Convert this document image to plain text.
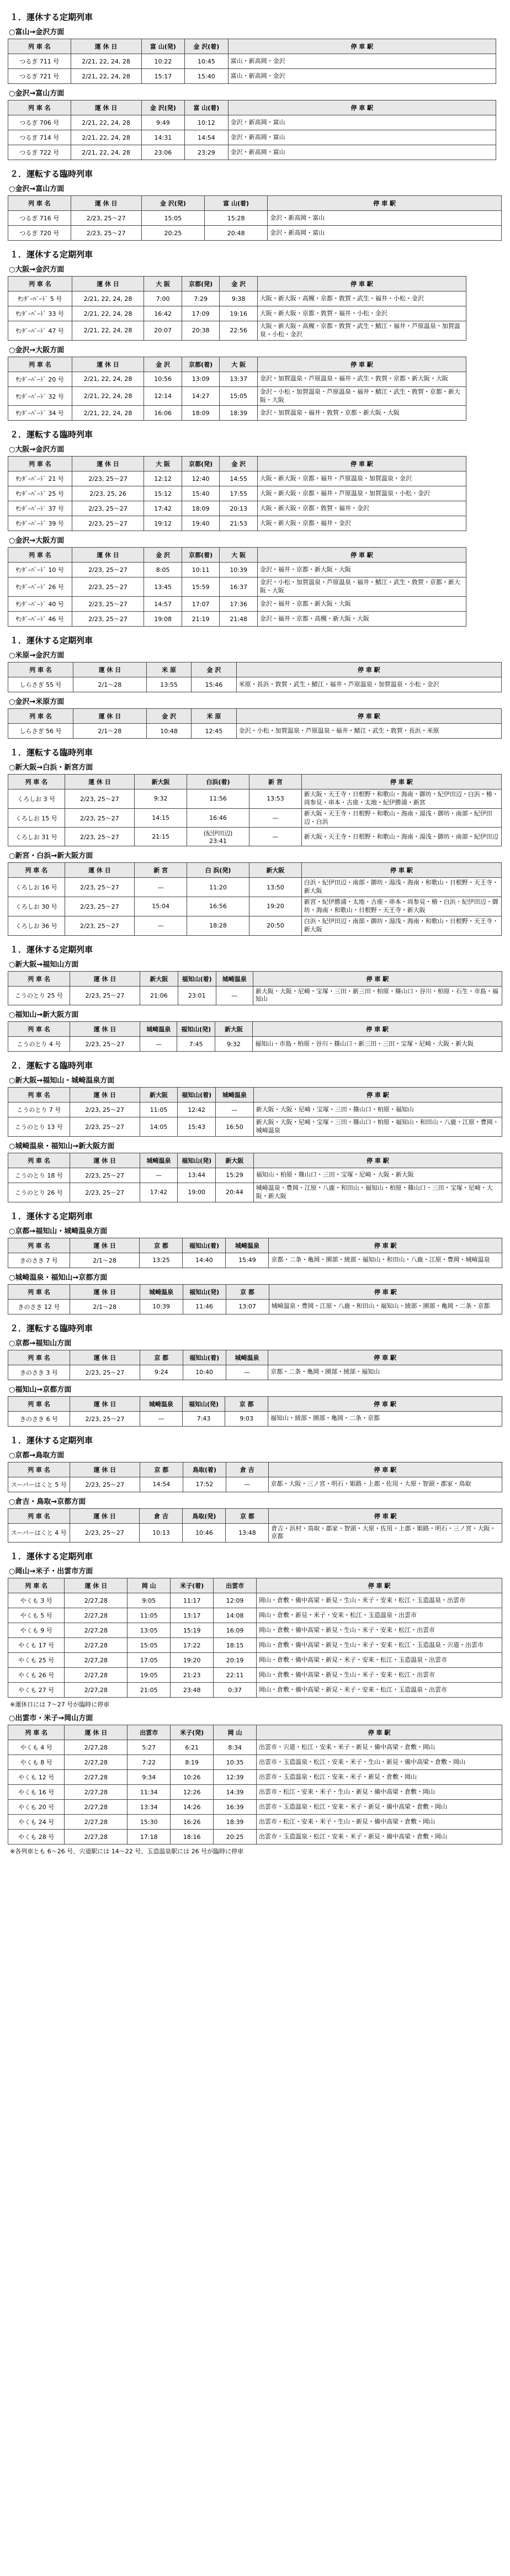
１．運休する定期列車
○富山→金沢方面
列 車 名	運 休 日	富 山(発)	金 沢(着)	停 車 駅
つるぎ 711 号	2/21, 22, 24, 28	10:22	10:45	富山・新高岡・金沢
つるぎ 721 号	2/21, 22, 24, 28	15:17	15:40	富山・新高岡・金沢
○金沢→富山方面
列 車 名	運 休 日	金 沢(発)	富 山(着)	停 車 駅
つるぎ 706 号	2/21, 22, 24, 28	9:49	10:12	金沢・新高岡・富山
つるぎ 714 号	2/21, 22, 24, 28	14:31	14:54	金沢・新高岡・富山
つるぎ 722 号	2/21, 22, 24, 28	23:06	23:29	金沢・新高岡・富山
２．運転する臨時列車
○金沢→富山方面
列 車 名	運 休 日	金 沢(発)	富 山(着)	停 車 駅
つるぎ 716 号	2/23, 25〜27	15:05	15:28	金沢・新高岡・富山
つるぎ 720 号	2/23, 25〜27	20:25	20:48	金沢・新高岡・富山
１．運休する定期列車
○大阪→金沢方面
列 車 名	運 休 日	大 阪	京都(発)	金 沢	停 車 駅
ｻﾝﾀﾞｰﾊﾞｰﾄﾞ 5 号	2/21, 22, 24, 28	7:00	7:29	9:38	大阪・新大阪・高槻・京都・敦賀・武生・福井・小松・金沢
ｻﾝﾀﾞｰﾊﾞｰﾄﾞ 33 号	2/21, 22, 24, 28	16:42	17:09	19:16	大阪・新大阪・京都・敦賀・福井・小松・金沢
ｻﾝﾀﾞｰﾊﾞｰﾄﾞ 47 号	2/21, 22, 24, 28	20:07	20:38	22:56	大阪・新大阪・高槻・京都・敦賀・武生・鯖江・福井・芦原温泉・加賀温泉・小松・金沢
○金沢→大阪方面
列 車 名	運 休 日	金 沢	京都(着)	大 阪	停 車 駅
ｻﾝﾀﾞｰﾊﾞｰﾄﾞ 20 号	2/21, 22, 24, 28	10:56	13:09	13:37	金沢・加賀温泉・芦原温泉・福井・武生・敦賀・京都・新大阪・大阪
ｻﾝﾀﾞｰﾊﾞｰﾄﾞ 32 号	2/21, 22, 24, 28	12:14	14:27	15:05	金沢・小松・加賀温泉・芦原温泉・福井・鯖江・武生・敦賀・京都・新大阪・大阪
ｻﾝﾀﾞｰﾊﾞｰﾄﾞ 34 号	2/21, 22, 24, 28	16:06	18:09	18:39	金沢・加賀温泉・福井・敦賀・京都・新大阪・大阪
２．運転する臨時列車
○大阪→金沢方面
列 車 名	運 休 日	大 阪	京都(発)	金 沢	停 車 駅
ｻﾝﾀﾞｰﾊﾞｰﾄﾞ 21 号	2/23, 25〜27	12:12	12:40	14:55	大阪・新大阪・京都・福井・芦原温泉・加賀温泉・金沢
ｻﾝﾀﾞｰﾊﾞｰﾄﾞ 25 号	2/23, 25, 26	15:12	15:40	17:55	大阪・新大阪・京都・福井・芦原温泉・加賀温泉・小松・金沢
ｻﾝﾀﾞｰﾊﾞｰﾄﾞ 37 号	2/23, 25〜27	17:42	18:09	20:13	大阪・新大阪・京都・敦賀・福井・金沢
ｻﾝﾀﾞｰﾊﾞｰﾄﾞ 39 号	2/23, 25〜27	19:12	19:40	21:53	大阪・新大阪・京都・福井・金沢
○金沢→大阪方面
列 車 名	運 休 日	金 沢	京都(着)	大 阪	停 車 駅
ｻﾝﾀﾞｰﾊﾞｰﾄﾞ 10 号	2/23, 25〜27	8:05	10:11	10:39	金沢・福井・京都・新大阪・大阪
ｻﾝﾀﾞｰﾊﾞｰﾄﾞ 26 号	2/23, 25〜27	13:45	15:59	16:37	金沢・小松・加賀温泉・芦原温泉・福井・鯖江・武生・敦賀・京都・新大阪・大阪
ｻﾝﾀﾞｰﾊﾞｰﾄﾞ 40 号	2/23, 25〜27	14:57	17:07	17:36	金沢・福井・京都・新大阪・大阪
ｻﾝﾀﾞｰﾊﾞｰﾄﾞ 46 号	2/23, 25〜27	19:08	21:19	21:48	金沢・福井・京都・高槻・新大阪・大阪
１．運休する定期列車
○米原→金沢方面
列 車 名	運 休 日	米 原	金 沢	停 車 駅
しらさぎ 55 号	2/1〜28	13:55	15:46	米原・長浜・敦賀・武生・鯖江・福井・芦原温泉・加賀温泉・小松・金沢
○金沢→米原方面
列 車 名	運 休 日	金 沢	米 原	停 車 駅
しらさぎ 56 号	2/1〜28	10:48	12:45	金沢・小松・加賀温泉・芦原温泉・福井・鯖江・武生・敦賀・長浜・米原
１．運転する臨時列車
○新大阪→白浜・新宮方面
列 車 名	運 休 日	新大阪	白浜(着)	新 宮	停 車 駅
くろしお 3 号	2/23, 25〜27	9:32	11:56	13:53	新大阪・天王寺・日根野・和歌山・海南・御坊・紀伊田辺・白浜・椿・周参見・串本・古座・太地・紀伊勝浦・新宮
くろしお 15 号	2/23, 25〜27	14:15	16:46	—	新大阪・天王寺・日根野・和歌山・海南・湯浅・御坊・南部・紀伊田辺・白浜
くろしお 31 号	2/23, 25〜27	21:15	(紀伊田辺)
23:41	—	新大阪・天王寺・日根野・和歌山・海南・湯浅・御坊・南部・紀伊田辺
○新宮・白浜→新大阪方面
列 車 名	運 休 日	新 宮	白 浜(発)	新大阪	停 車 駅
くろしお 16 号	2/23, 25〜27	—	11:20	13:50	白浜・紀伊田辺・南部・御坊・湯浅・海南・和歌山・日根野・天王寺・新大阪
くろしお 30 号	2/23, 25〜27	15:04	16:56	19:20	新宮・紀伊勝浦・太地・古座・串本・周参見・椿・白浜・紀伊田辺・御坊・海南・和歌山・日根野・天王寺・新大阪
くろしお 36 号	2/23, 25〜27	—	18:28	20:50	白浜・紀伊田辺・南部・御坊・湯浅・海南・和歌山・日根野・天王寺・新大阪
１．運休する定期列車
○新大阪→福知山方面
列 車 名	運 休 日	新大阪	福知山(着)	城崎温泉	停 車 駅
こうのとり 25 号	2/23, 25〜27	21:06	23:01	—	新大阪・大阪・尼崎・宝塚・三田・新三田・柏原・篠山口・谷川・柏原・石生・市島・福知山
○福知山→新大阪方面
列 車 名	運 休 日	城崎温泉	福知山(発)	新大阪	停 車 駅
こうのとり 4 号	2/23, 25〜27	—	7:45	9:32	福知山・市島・柏原・谷川・篠山口・新三田・三田・宝塚・尼崎・大阪・新大阪
２．運転する臨時列車
○新大阪→福知山・城崎温泉方面
列 車 名	運 休 日	新大阪	福知山(着)	城崎温泉	停 車 駅
こうのとり 7 号	2/23, 25〜27	11:05	12:42	—	新大阪・大阪・尼崎・宝塚・三田・篠山口・柏原・福知山
こうのとり 13 号	2/23, 25〜27	14:05	15:43	16:50	新大阪・大阪・尼崎・宝塚・三田・篠山口・柏原・福知山・和田山・八鹿・江原・豊岡・城崎温泉
○城崎温泉・福知山→新大阪方面
列 車 名	運 休 日	城崎温泉	福知山(発)	新大阪	停 車 駅
こうのとり 18 号	2/23, 25〜27	—	13:44	15:29	福知山・柏原・篠山口・三田・宝塚・尼崎・大阪・新大阪
こうのとり 26 号	2/23, 25〜27	17:42	19:00	20:44	城崎温泉・豊岡・江原・八鹿・和田山・福知山・柏原・篠山口・三田・宝塚・尼崎・大阪・新大阪
１．運休する定期列車
○京都→福知山・城崎温泉方面
列 車 名	運 休 日	京 都	福知山(着)	城崎温泉	停 車 駅
きのさき 7 号	2/1〜28	13:25	14:40	15:49	京都・二条・亀岡・園部・綾部・福知山・和田山・八鹿・江原・豊岡・城崎温泉
○城崎温泉・福知山→京都方面
列 車 名	運 休 日	城崎温泉	福知山(発)	京 都	停 車 駅
きのさき 12 号	2/1〜28	10:39	11:46	13:07	城崎温泉・豊岡・江原・八鹿・和田山・福知山・綾部・園部・亀岡・二条・京都
２．運転する臨時列車
○京都→福知山方面
列 車 名	運 休 日	京 都	福知山(着)	城崎温泉	停 車 駅
きのさき 3 号	2/23, 25〜27	9:24	10:40	—	京都・二条・亀岡・園部・綾部・福知山
○福知山→京都方面
列 車 名	運 休 日	城崎温泉	福知山(発)	京 都	停 車 駅
きのさき 6 号	2/23, 25〜27	—	7:43	9:03	福知山・綾部・園部・亀岡・二条・京都
１．運休する定期列車
○京都→鳥取方面
列 車 名	運 休 日	京 都	鳥取(着)	倉 吉	停 車 駅
スーパーはくと 5 号	2/23, 25〜27	14:54	17:52	—	京都・大阪・三ノ宮・明石・姫路・上郡・佐用・大原・智頭・郡家・鳥取
○倉吉・鳥取→京都方面
列 車 名	運 休 日	倉 吉	鳥取(発)	京 都	停 車 駅
スーパーはくと 4 号	2/23, 25〜27	10:13	10:46	13:48	倉吉・浜村・鳥取・郡家・智頭・大原・佐用・上郡・姫路・明石・三ノ宮・大阪・京都
１．運休する定期列車
○岡山→米子・出雲市方面
列 車 名	運 休 日	岡 山	米子(着)	出雲市	停 車 駅
やくも 3 号	2/27,28	9:05	11:17	12:09	岡山・倉敷・備中高梁・新見・生山・米子・安来・松江・玉造温泉・出雲市
やくも 5 号	2/27,28	11:05	13:17	14:08	岡山・倉敷・新見・米子・安来・松江・玉造温泉・出雲市
やくも 9 号	2/27,28	13:05	15:19	16:09	岡山・倉敷・備中高梁・新見・生山・米子・安来・松江・出雲市
やくも 17 号	2/27,28	15:05	17:22	18:15	岡山・倉敷・備中高梁・新見・生山・米子・安来・松江・玉造温泉・宍道・出雲市
やくも 25 号	2/27,28	17:05	19:20	20:19	岡山・倉敷・備中高梁・新見・米子・安来・松江・玉造温泉・出雲市
やくも 26 号	2/27,28	19:05	21:23	22:11	岡山・倉敷・備中高梁・新見・生山・米子・安来・松江・出雲市
やくも 27 号	2/27,28	21:05	23:48	0:37	岡山・倉敷・備中高梁・新見・米子・安来・松江・玉造温泉・出雲市
※運休日には 7〜27 号が臨時に停車
○出雲市・米子→岡山方面
列 車 名	運 休 日	出雲市	米子(発)	岡 山	停 車 駅
やくも 4 号	2/27,28	5:27	6:21	8:34	出雲市・宍道・松江・安来・米子・新見・備中高梁・倉敷・岡山
やくも 8 号	2/27,28	7:22	8:19	10:35	出雲市・玉造温泉・松江・安来・米子・生山・新見・備中高梁・倉敷・岡山
やくも 12 号	2/27,28	9:34	10:26	12:39	出雲市・玉造温泉・松江・安来・米子・新見・倉敷・岡山
やくも 16 号	2/27,28	11:34	12:26	14:39	出雲市・松江・安来・米子・生山・新見・備中高梁・倉敷・岡山
やくも 20 号	2/27,28	13:34	14:26	16:39	出雲市・玉造温泉・松江・安来・米子・新見・備中高梁・倉敷・岡山
やくも 24 号	2/27,28	15:30	16:26	18:39	出雲市・松江・安来・米子・生山・新見・備中高梁・倉敷・岡山
やくも 28 号	2/27,28	17:18	18:16	20:25	出雲市・玉造温泉・松江・安来・米子・新見・備中高梁・倉敷・岡山
※各列車とも 6〜26 号、宍道駅には 14〜22 号、玉造温泉駅には 26 号が臨時に停車
